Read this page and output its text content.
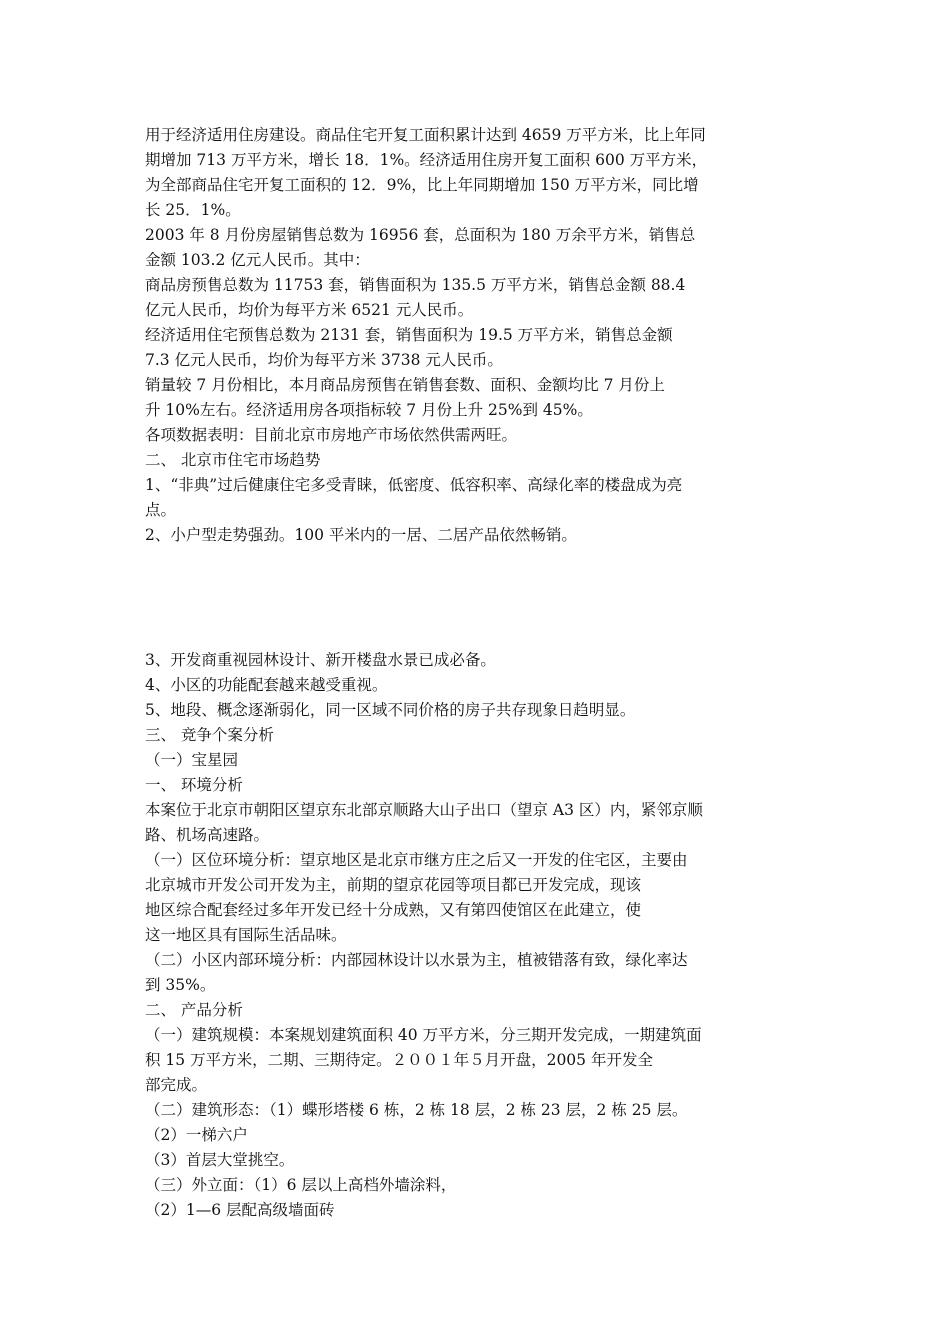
用于经济适用住房建设。商品住宅开复工面积累计达到 4659 万平方米，比上年同

期增加 713 万平方米，增长 18．1%。经济适用住房开复工面积 600 万平方米，

为全部商品住宅开复工面积的 12．9%，比上年同期增加 150 万平方米，同比增

长 25．1%。

2003 年 8 月份房屋销售总数为 16956 套，总面积为 180 万余平方米，销售总

金额 103.2 亿元人民币。其中：

商品房预售总数为 11753 套，销售面积为 135.5 万平方米，销售总金额 88.4

亿元人民币，均价为每平方米 6521 元人民币。

经济适用住宅预售总数为 2131 套，销售面积为 19.5 万平方米，销售总金额

7.3 亿元人民币，均价为每平方米 3738 元人民币。

销量较 7 月份相比，本月商品房预售在销售套数、面积、金额均比 7 月份上

升 10%左右。经济适用房各项指标较 7 月份上升 25%到 45%。

各项数据表明：目前北京市房地产市场依然供需两旺。

二、 北京市住宅市场趋势

1、“非典”过后健康住宅多受青睐，低密度、低容积率、高绿化率的楼盘成为亮

点。

2、小户型走势强劲。100 平米内的一居、二居产品依然畅销。

3、开发商重视园林设计、新开楼盘水景已成必备。

4、小区的功能配套越来越受重视。

5、地段、概念逐渐弱化，同一区域不同价格的房子共存现象日趋明显。

三、 竞争个案分析

（一）宝星园

一、 环境分析

本案位于北京市朝阳区望京东北部京顺路大山子出口（望京 A3 区）内，紧邻京顺

路、机场高速路。

（一）区位环境分析：望京地区是北京市继方庄之后又一开发的住宅区，主要由

北京城市开发公司开发为主，前期的望京花园等项目都已开发完成，现该

地区综合配套经过多年开发已经十分成熟，又有第四使馆区在此建立，使

这一地区具有国际生活品味。

（二）小区内部环境分析：内部园林设计以水景为主，植被错落有致，绿化率达

到 35%。

二、 产品分析

（一）建筑规模：本案规划建筑面积 40 万平方米，分三期开发完成，一期建筑面

积 15 万平方米，二期、三期待定。２００１年５月开盘，2005 年开发全

部完成。

（二）建筑形态：（1）蝶形塔楼 6 栋，2 栋 18 层，2 栋 23 层，2 栋 25 层。

（2）一梯六户

（3）首层大堂挑空。

（三）外立面：（1）6 层以上高档外墙涂料，

（2）1—6 层配高级墙面砖
